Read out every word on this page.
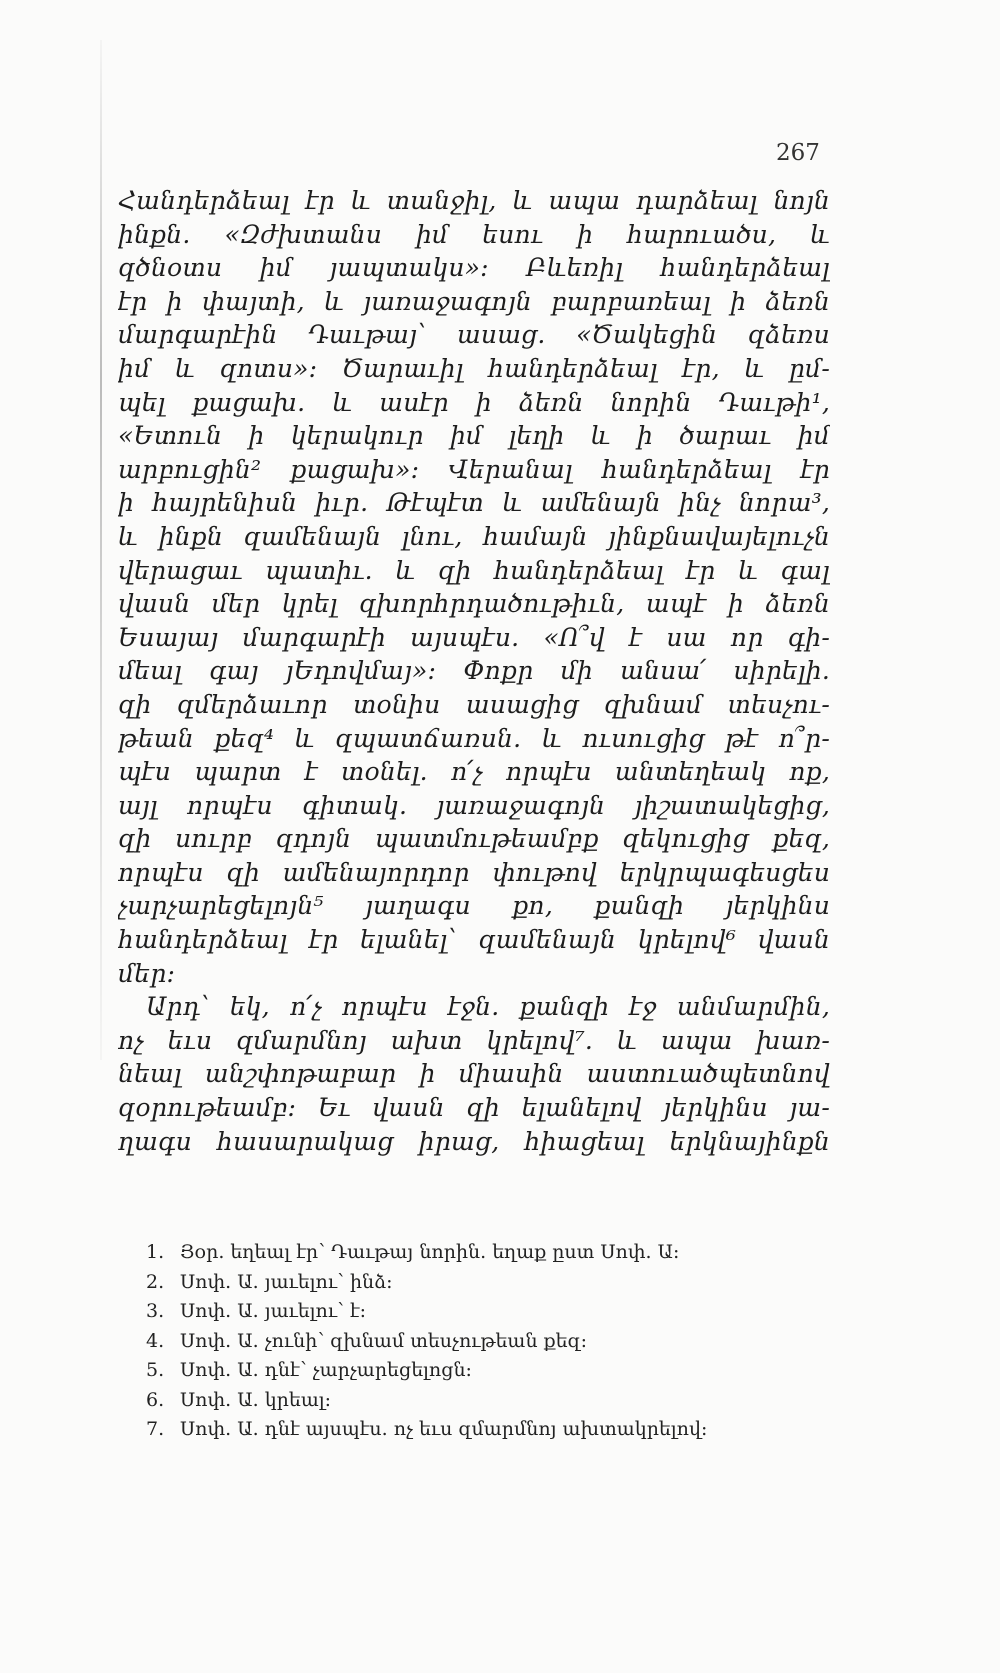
267
Հանդերձեալ էր և տանջիլ, և ապա դարձեալ նոյն
ինքն. «Զժխտանս իմ եսու ի հարուածս, և
զծնօտս իմ յապտակս»: Բևեռիլ հանդերձեալ
էր ի փայտի, և յառաջագոյն բարբառեալ ի ձեռն
մարգարէին Դաւթայ՝ ասաց. «Ծակեցին զձեռս
իմ և զոտս»: Ծարաւիլ հանդերձեալ էր, և ըմ-
պել քացախ. և ասէր ի ձեռն նորին Դաւթի¹,
«Ետուն ի կերակուր իմ լեղի և ի ծարաւ իմ
արբուցին² քացախ»: Վերանալ հանդերձեալ էր
ի հայրենիսն իւր. Թէպէտ և ամենայն ինչ նորա³,
և ինքն զամենայն լնու, համայն յինքնավայելուչն
վերացաւ պատիւ. և զի հանդերձեալ էր և գալ
վասն մեր կրել զխորհրդածութիւն, ապէ ի ձեռն
Եսայայ մարգարէի այսպէս. «Ո՞վ է սա որ գի-
մեալ գայ յԵդովմայ»: Փոքր մի անսա՛ սիրելի.
զի զմերձաւոր տօնիս ասացից զխնամ տեսչու-
թեան քեզ⁴ և զպատճառսն. և ուսուցից թէ ո՞ր-
պէս պարտ է տօնել. ո՛չ որպէս անտեղեակ ոք,
այլ որպէս գիտակ. յառաջագոյն յիշատակեցից,
զի սուրբ զդոյն պատմութեամբք զեկուցից քեզ,
որպէս զի ամենայորդոր փութով երկրպագեսցես
չարչարեցելոյն⁵ յաղագս քո, քանզի յերկինս
հանդերձեալ էր ելանել՝ զամենայն կրելով⁶ վասն
մեր:
Արդ՝ եկ, ո՛չ որպէս էջն. քանզի էջ անմարմին,
ոչ եւս զմարմնոյ ախտ կրելով⁷. և ապա խառ-
նեալ անշփոթաբար ի միասին աստուածպետնով
զօրութեամբ: Եւ վասն զի ելանելով յերկինս յա-
ղագս հասարակաց իրաց, հիացեալ երկնայինքն
1. Յօր. եղեալ էր՝ Դաւթայ նորին. եղաք ըստ Սոփ. Ա:
2. Սոփ. Ա. յաւելու՝ ինձ:
3. Սոփ. Ա. յաւելու՝ է:
4. Սոփ. Ա. չունի՝ զխնամ տեսչութեան քեզ:
5. Սոփ. Ա. դնէ՝ չարչարեցելոցն:
6. Սոփ. Ա. կրեալ:
7. Սոփ. Ա. դնէ այսպէս. ոչ եւս զմարմնոյ ախտակրելով:
